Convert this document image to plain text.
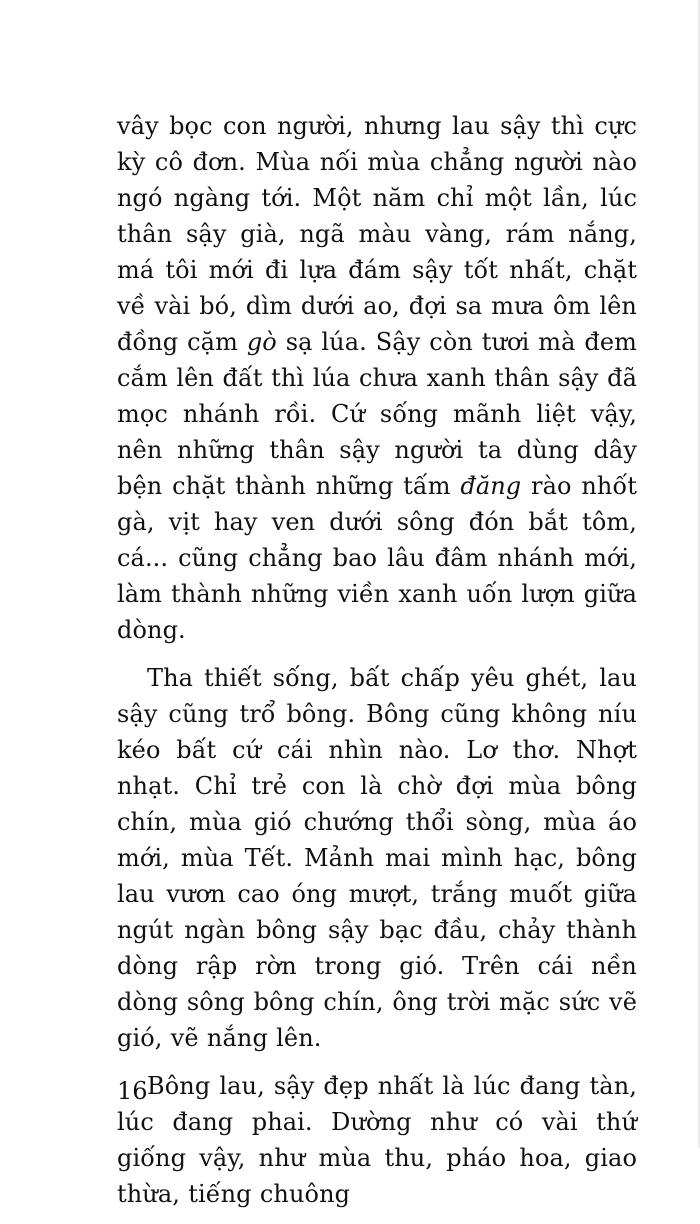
vây bọc con người, nhưng lau sậy thì cực kỳ cô đơn. Mùa nối mùa chẳng người nào ngó ngàng tới. Một năm chỉ một lần, lúc thân sậy già, ngã màu vàng, rám nắng, má tôi mới đi lựa đám sậy tốt nhất, chặt về vài bó, dìm dưới ao, đợi sa mưa ôm lên đồng cặm gò sạ lúa. Sậy còn tươi mà đem cắm lên đất thì lúa chưa xanh thân sậy đã mọc nhánh rồi. Cứ sống mãnh liệt vậy, nên những thân sậy người ta dùng dây bện chặt thành những tấm đăng rào nhốt gà, vịt hay ven dưới sông đón bắt tôm, cá... cũng chẳng bao lâu đâm nhánh mới, làm thành những viền xanh uốn lượn giữa dòng.

Tha thiết sống, bất chấp yêu ghét, lau sậy cũng trổ bông. Bông cũng không níu kéo bất cứ cái nhìn nào. Lơ thơ. Nhợt nhạt. Chỉ trẻ con là chờ đợi mùa bông chín, mùa gió chướng thổi sòng, mùa áo mới, mùa Tết. Mảnh mai mình hạc, bông lau vươn cao óng mượt, trắng muốt giữa ngút ngàn bông sậy bạc đầu, chảy thành dòng rập rờn trong gió. Trên cái nền dòng sông bông chín, ông trời mặc sức vẽ gió, vẽ nắng lên.

Bông lau, sậy đẹp nhất là lúc đang tàn, lúc đang phai. Dường như có vài thứ giống vậy, như mùa thu, pháo hoa, giao thừa, tiếng chuông

16
